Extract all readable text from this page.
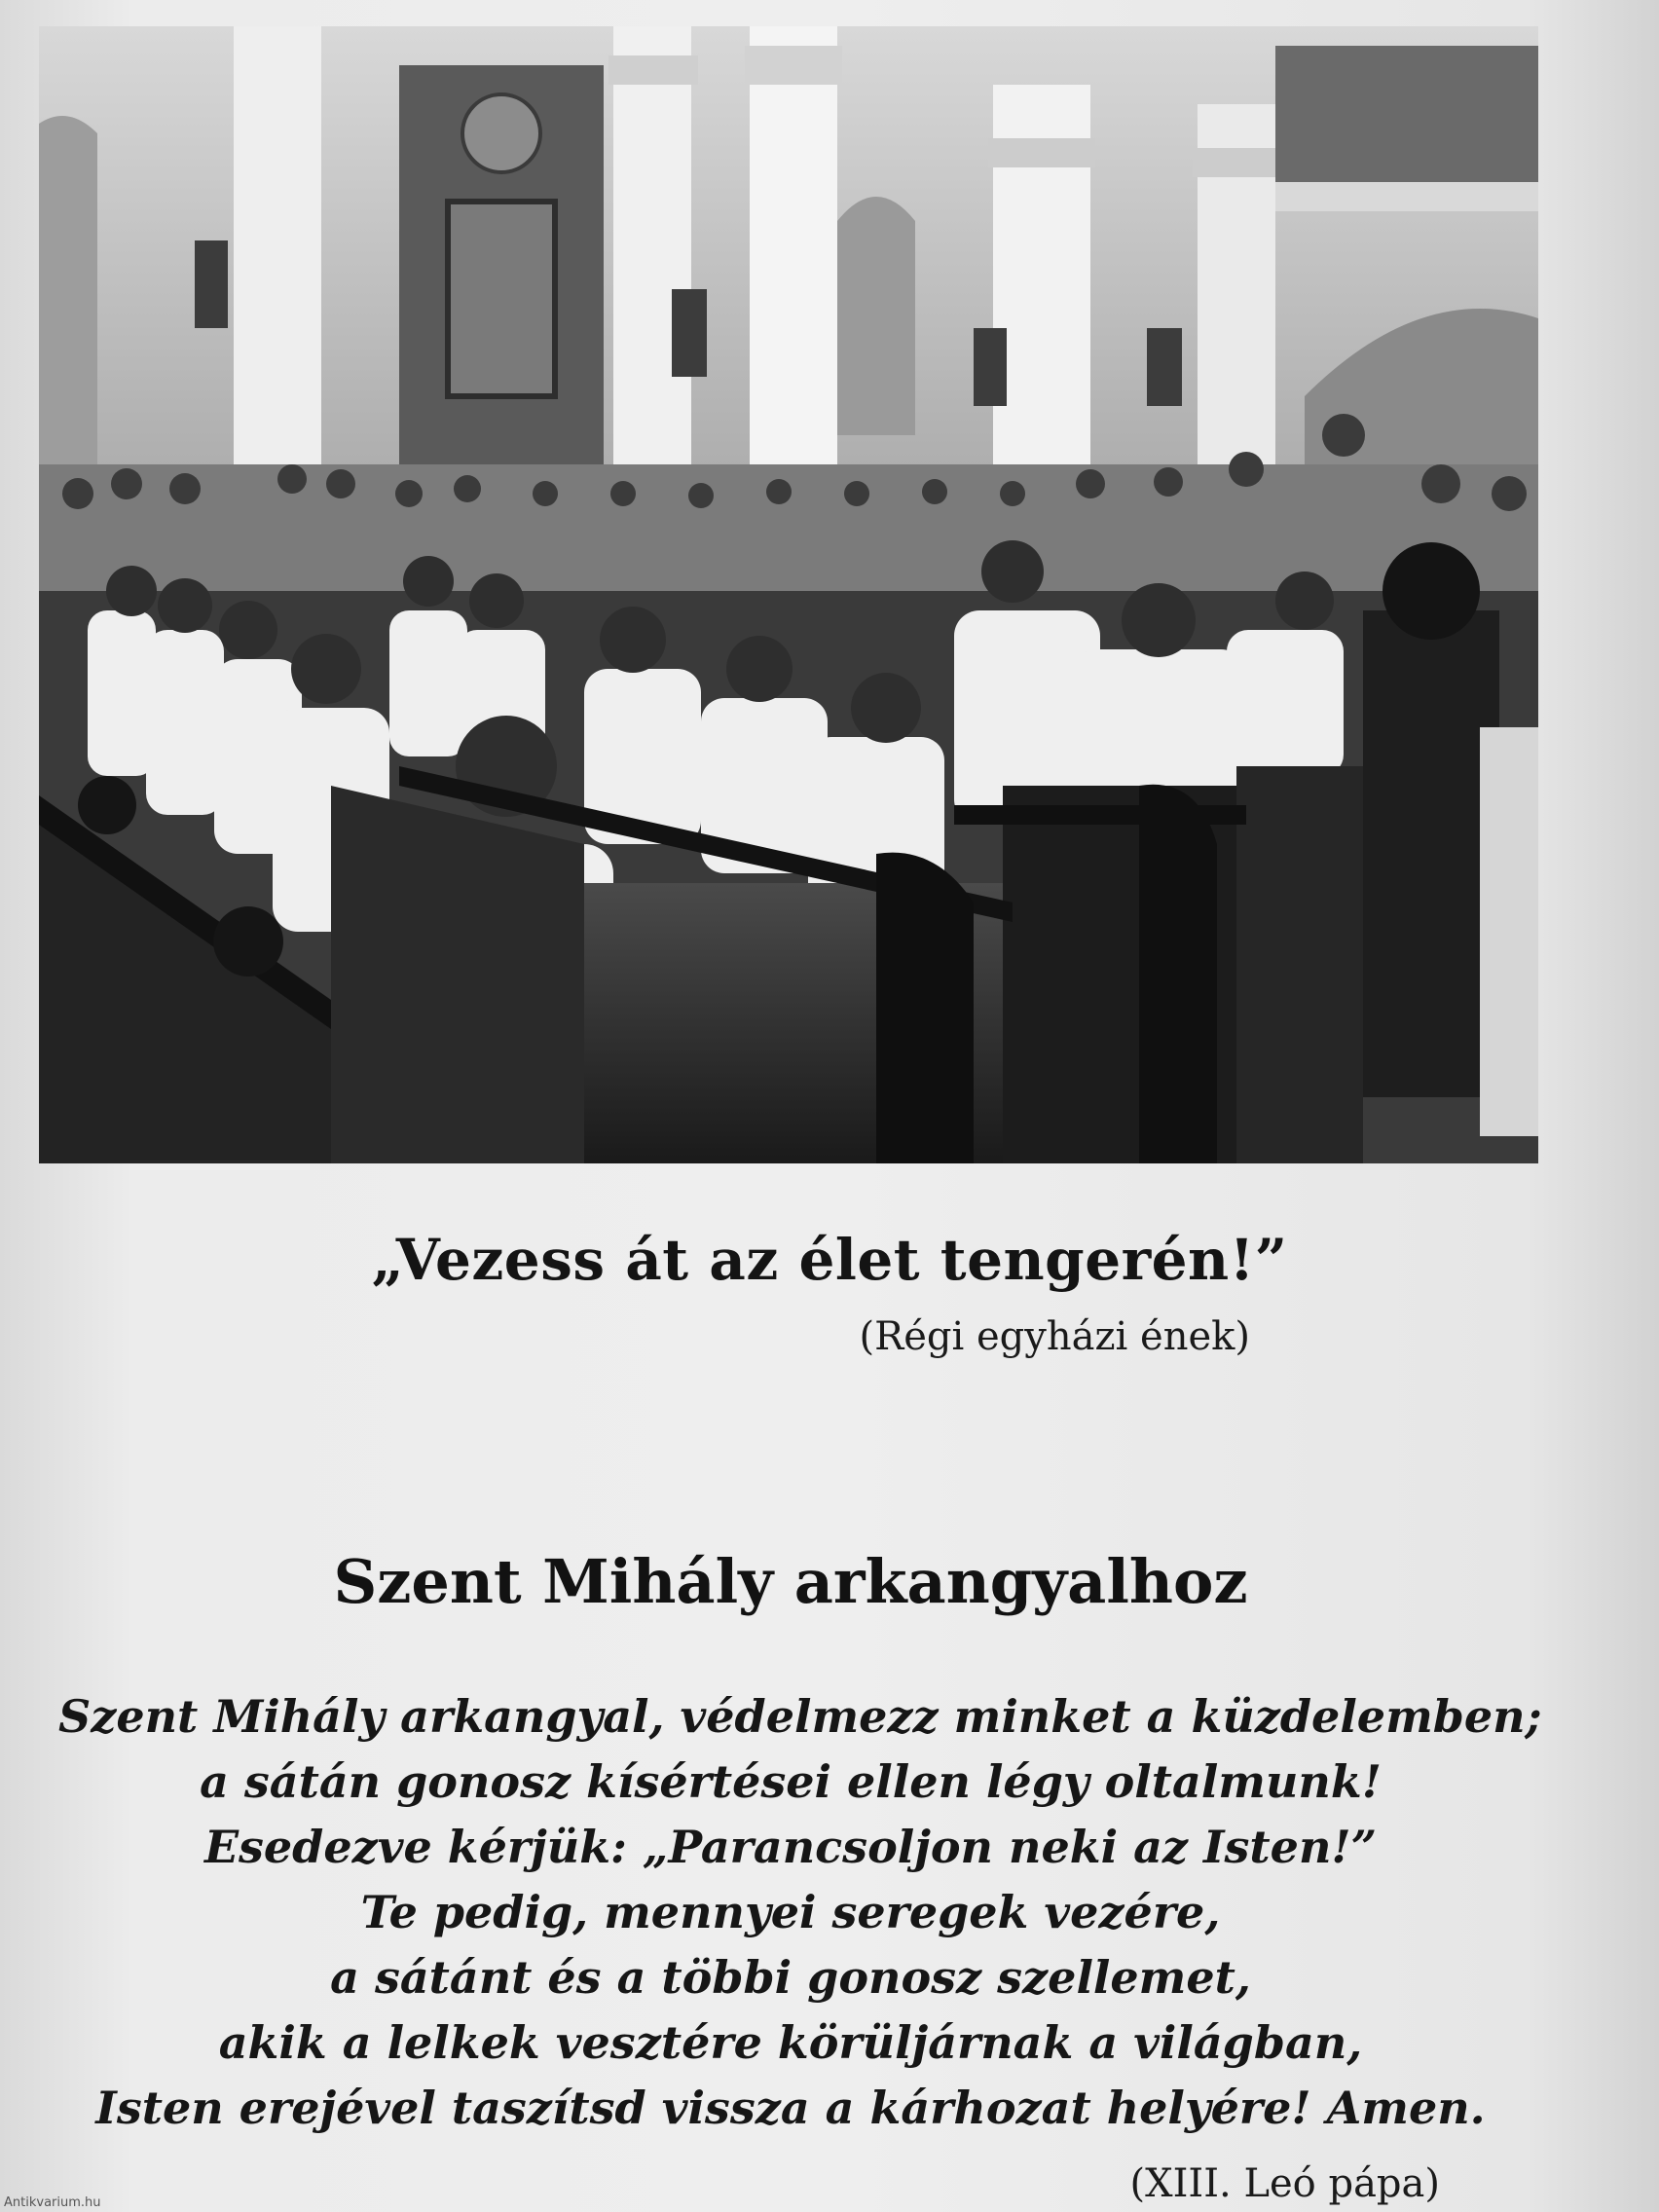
„Vezess át az élet tengerén!”
(Régi egyházi ének)
Szent Mihály arkangyalhoz
Szent Mihály arkangyal, védelmezz minket a küzdelemben;
a sátán gonosz kísértései ellen légy oltalmunk!
Esedezve kérjük: „Parancsoljon neki az Isten!”
Te pedig, mennyei seregek vezére,
a sátánt és a többi gonosz szellemet,
akik a lelkek vesztére körüljárnak a világban,
Isten erejével taszítsd vissza a kárhozat helyére! Amen.
(XIII. Leó pápa)
Antikvarium.hu
